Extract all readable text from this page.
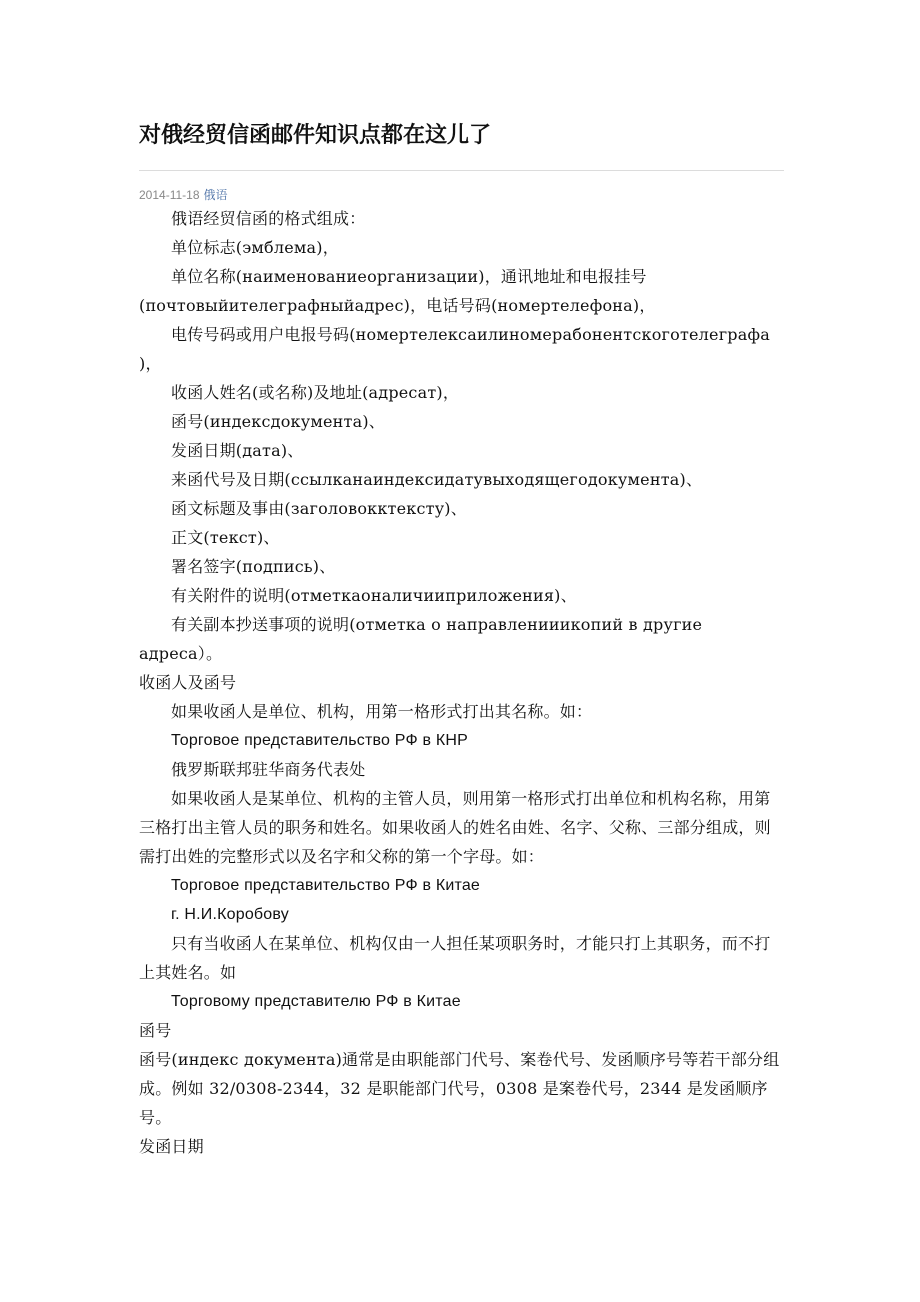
对俄经贸信函邮件知识点都在这儿了
2014-11-18 俄语

俄语经贸信函的格式组成：

单位标志(эмблема)，

单位名称(наименованиеорганизации)，通讯地址和电报挂号(почтовыйителеграфныйадрес)，电话号码(номертелефона)，

电传号码或用户电报号码(номертелексаилиномерабонентскоготелеграфа )，

收函人姓名(或名称)及地址(адресат)，

函号(индексдокумента)、

发函日期(дата)、

来函代号及日期(ссылканаиндексидатувыходящегодокумента)、

函文标题及事由(заголовокктексту)、

正文(текст)、

署名签字(подпись)、

有关附件的说明(отметкаоналичииприложения)、

有关副本抄送事项的说明(отметка о направленииикопий в другие адреса）。

收函人及函号

如果收函人是单位、机构，用第一格形式打出其名称。如：

Торговое представительство РФ в КНР

俄罗斯联邦驻华商务代表处

如果收函人是某单位、机构的主管人员，则用第一格形式打出单位和机构名称，用第三格打出主管人员的职务和姓名。如果收函人的姓名由姓、名字、父称、三部分组成，则需打出姓的完整形式以及名字和父称的第一个字母。如：

Торговое представительство РФ в Китае

г. Н.И.Коробову

只有当收函人在某单位、机构仅由一人担任某项职务时，才能只打上其职务，而不打上其姓名。如

Торговому представителю РФ в Китае

函号

函号(индекс документа)通常是由职能部门代号、案卷代号、发函顺序号等若干部分组成。例如 32/0308-2344，32 是职能部门代号，0308 是案卷代号，2344 是发函顺序号。

发函日期
